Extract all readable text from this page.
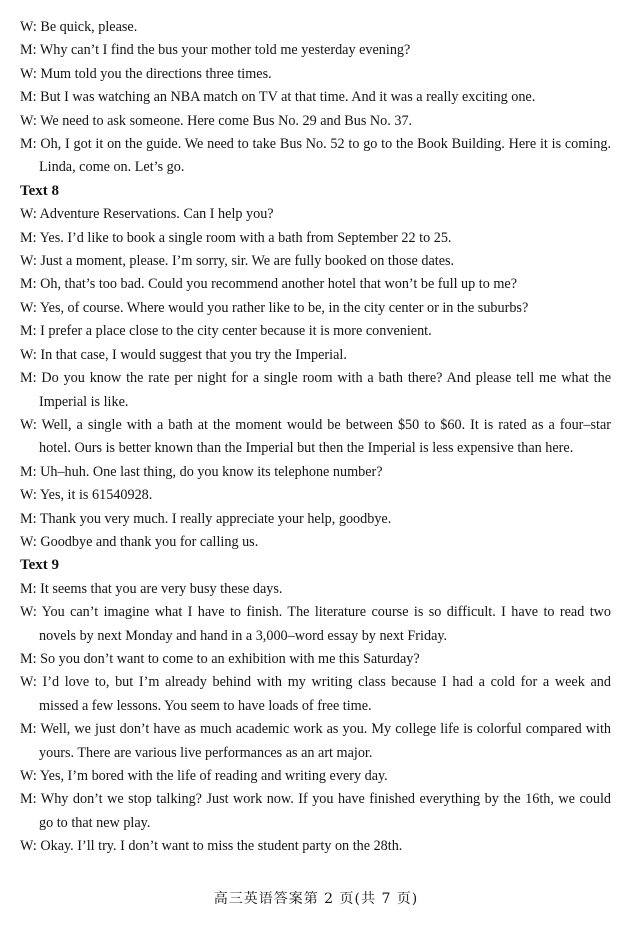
W: Be quick, please.

M: Why can’t I find the bus your mother told me yesterday evening?

W: Mum told you the directions three times.

M: But I was watching an NBA match on TV at that time. And it was a really exciting one.

W: We need to ask someone. Here come Bus No. 29 and Bus No. 37.

M: Oh, I got it on the guide. We need to take Bus No. 52 to go to the Book Building. Here it is coming. Linda, come on. Let’s go.

Text 8

W: Adventure Reservations. Can I help you?

M: Yes. I’d like to book a single room with a bath from September 22 to 25.

W: Just a moment, please. I’m sorry, sir. We are fully booked on those dates.

M: Oh, that’s too bad. Could you recommend another hotel that won’t be full up to me?

W: Yes, of course. Where would you rather like to be, in the city center or in the suburbs?

M: I prefer a place close to the city center because it is more convenient.

W: In that case, I would suggest that you try the Imperial.

M: Do you know the rate per night for a single room with a bath there? And please tell me what the Imperial is like.

W: Well, a single with a bath at the moment would be between $50 to $60. It is rated as a four–star hotel. Ours is better known than the Imperial but then the Imperial is less expensive than here.

M: Uh–huh. One last thing, do you know its telephone number?

W: Yes, it is 61540928.

M: Thank you very much. I really appreciate your help, goodbye.

W: Goodbye and thank you for calling us.

Text 9

M: It seems that you are very busy these days.

W: You can’t imagine what I have to finish. The literature course is so difficult. I have to read two novels by next Monday and hand in a 3,000–word essay by next Friday.

M: So you don’t want to come to an exhibition with me this Saturday?

W: I’d love to, but I’m already behind with my writing class because I had a cold for a week and missed a few lessons. You seem to have loads of free time.

M: Well, we just don’t have as much academic work as you. My college life is colorful compared with yours. There are various live performances as an art major.

W: Yes, I’m bored with the life of reading and writing every day.

M: Why don’t we stop talking? Just work now. If you have finished everything by the 16th, we could go to that new play.

W: Okay. I’ll try. I don’t want to miss the student party on the 28th.

高三英语答案第 2 页(共 7 页)
